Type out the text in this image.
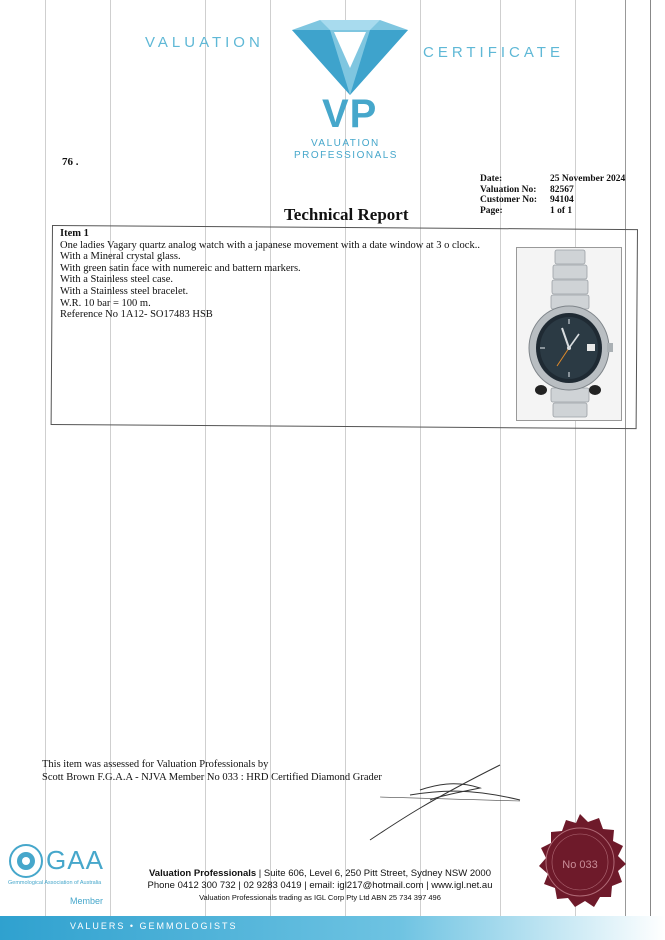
VALUATION
CERTIFICATE
VP
VALUATION
PROFESSIONALS
76 .
Date:	25 November 2024
Valuation No:	82567
Customer No:	94104
Page:	1 of 1
Technical Report
Item 1
One ladies Vagary quartz analog watch with a japanese movement with a date window at 3 o clock..
With a Mineral crystal glass.
With green satin face with numereic and battern markers.
With a Stainless steel case.
With a Stainless steel bracelet.
W.R. 10 bar = 100 m.
Reference No 1A12- SO17483 HSB
This item was assessed for Valuation Professionals by
Scott Brown F.G.A.A - NJVA Member No 033 : HRD Certified Diamond Grader
GAA
Gemmological Association of Australia
Member
Valuation Professionals | Suite 606, Level 6, 250 Pitt Street, Sydney NSW 2000
Phone 0412 300 732 | 02 9283 0419 | email: igl217@hotmail.com | www.igl.net.au
Valuation Professionals trading as IGL Corp Pty Ltd ABN 25 734 397 496
No 033
VALUERS • GEMMOLOGISTS
